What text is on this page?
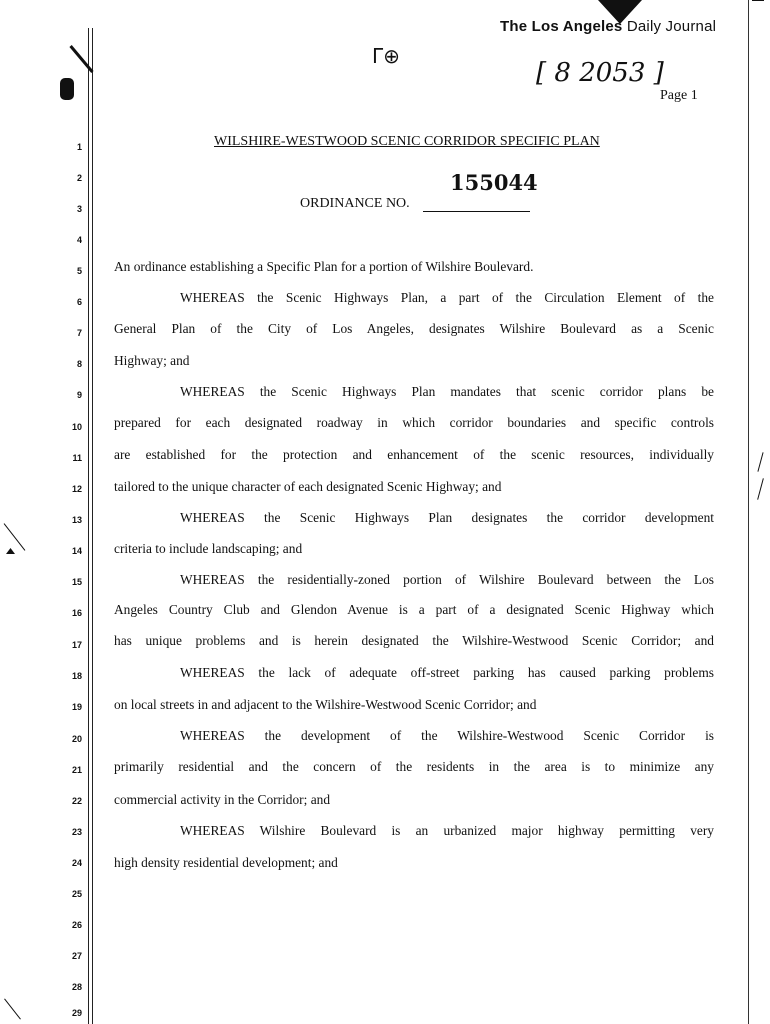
The Los Angeles Daily Journal
Γ⊕
[ 8 2053 ]
Page 1
1
2
3
4
5
6
7
8
9
10
11
12
13
14
15
16
17
18
19
20
21
22
23
24
25
26
27
28
29
WILSHIRE-WESTWOOD SCENIC CORRIDOR SPECIFIC PLAN
155044
ORDINANCE NO.
An ordinance establishing a Specific Plan for a portion of Wilshire Boulevard.
WHEREAS the Scenic Highways Plan, a part of the Circulation Element of the
General Plan of the City of Los Angeles, designates Wilshire Boulevard as a Scenic
Highway; and
WHEREAS the Scenic Highways Plan mandates that scenic corridor plans be
prepared for each designated roadway in which corridor boundaries and specific controls
are established for the protection and enhancement of the scenic resources, individually
tailored to the unique character of each designated Scenic Highway; and
WHEREAS the Scenic Highways Plan designates the corridor development
criteria to include landscaping; and
WHEREAS the residentially-zoned portion of Wilshire Boulevard between the Los
Angeles Country Club and Glendon Avenue is a part of a designated Scenic Highway which
has unique problems and is herein designated the Wilshire-Westwood Scenic Corridor; and
WHEREAS the lack of adequate off-street parking has caused parking problems
on local streets in and adjacent to the Wilshire-Westwood Scenic Corridor; and
WHEREAS the development of the Wilshire-Westwood Scenic Corridor is
primarily residential and the concern of the residents in the area is to minimize any
commercial activity in the Corridor; and
WHEREAS Wilshire Boulevard is an urbanized major highway permitting very
high density residential development; and
